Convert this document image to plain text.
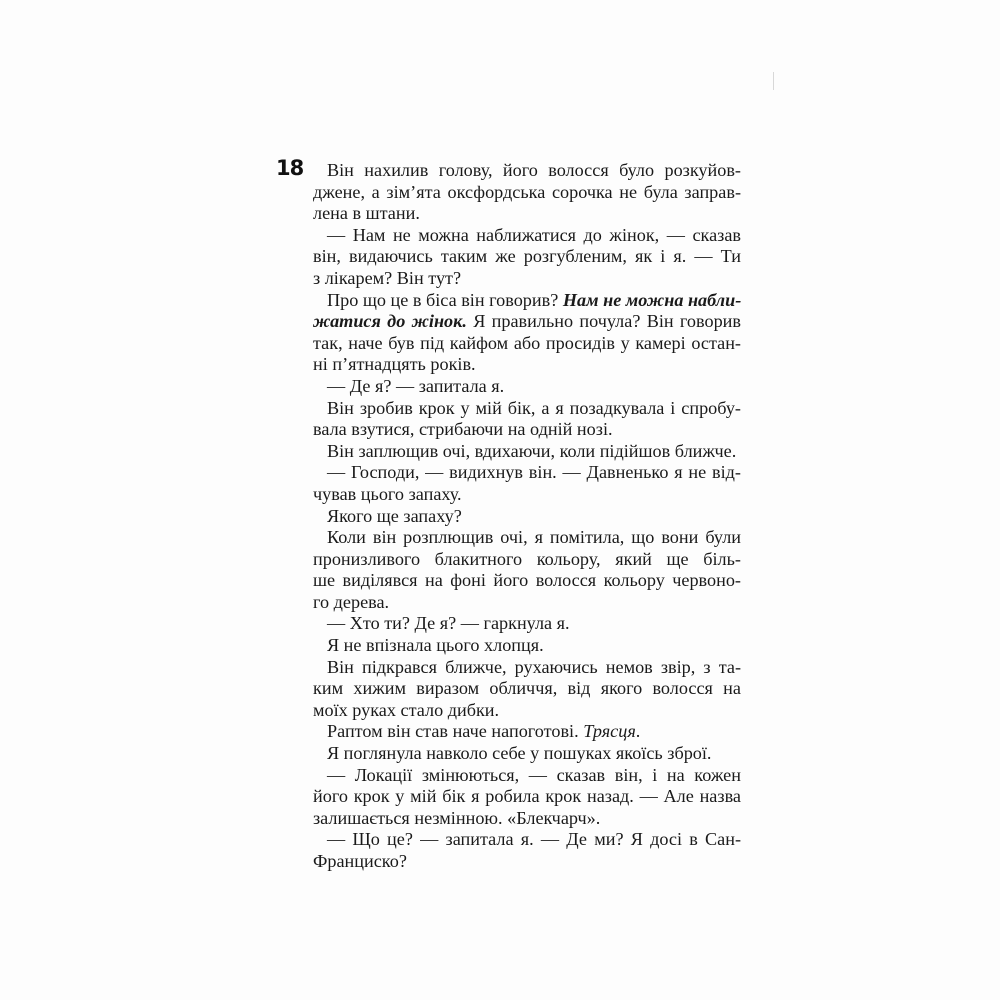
18	Він нахилив голову, його волосся було розкуйов-
джене, а зім’ята оксфордська сорочка не була заправ-
лена в штани.
— Нам не можна наближатися до жінок, — сказав
він, видаючись таким же розгубленим, як і я. — Ти
з лікарем? Він тут?
Про що це в біса він говорив? Нам не можна набли-
жатися до жінок. Я правильно почула? Він говорив
так, наче був під кайфом або просидів у камері остан-
ні п’ятнадцять років.
— Де я? — запитала я.
Він зробив крок у мій бік, а я позадкувала і спробу-
вала взутися, стрибаючи на одній нозі.
Він заплющив очі, вдихаючи, коли підійшов ближче.
— Господи, — видихнув він. — Давненько я не від-
чував цього запаху.
Якого ще запаху?
Коли він розплющив очі, я помітила, що вони були
пронизливого блакитного кольору, який ще біль-
ше виділявся на фоні його волосся кольору червоно-
го дерева.
— Хто ти? Де я? — гаркнула я.
Я не впізнала цього хлопця.
Він підкрався ближче, рухаючись немов звір, з та-
ким хижим виразом обличчя, від якого волосся на
моїх руках стало дибки.
Раптом він став наче напоготові. Трясця.
Я поглянула навколо себе у пошуках якоїсь зброї.
— Локації змінюються, — сказав він, і на кожен
його крок у мій бік я робила крок назад. — Але назва
залишається незмінною. «Блекчарч».
— Що це? — запитала я. — Де ми? Я досі в Сан-
Франциско?
